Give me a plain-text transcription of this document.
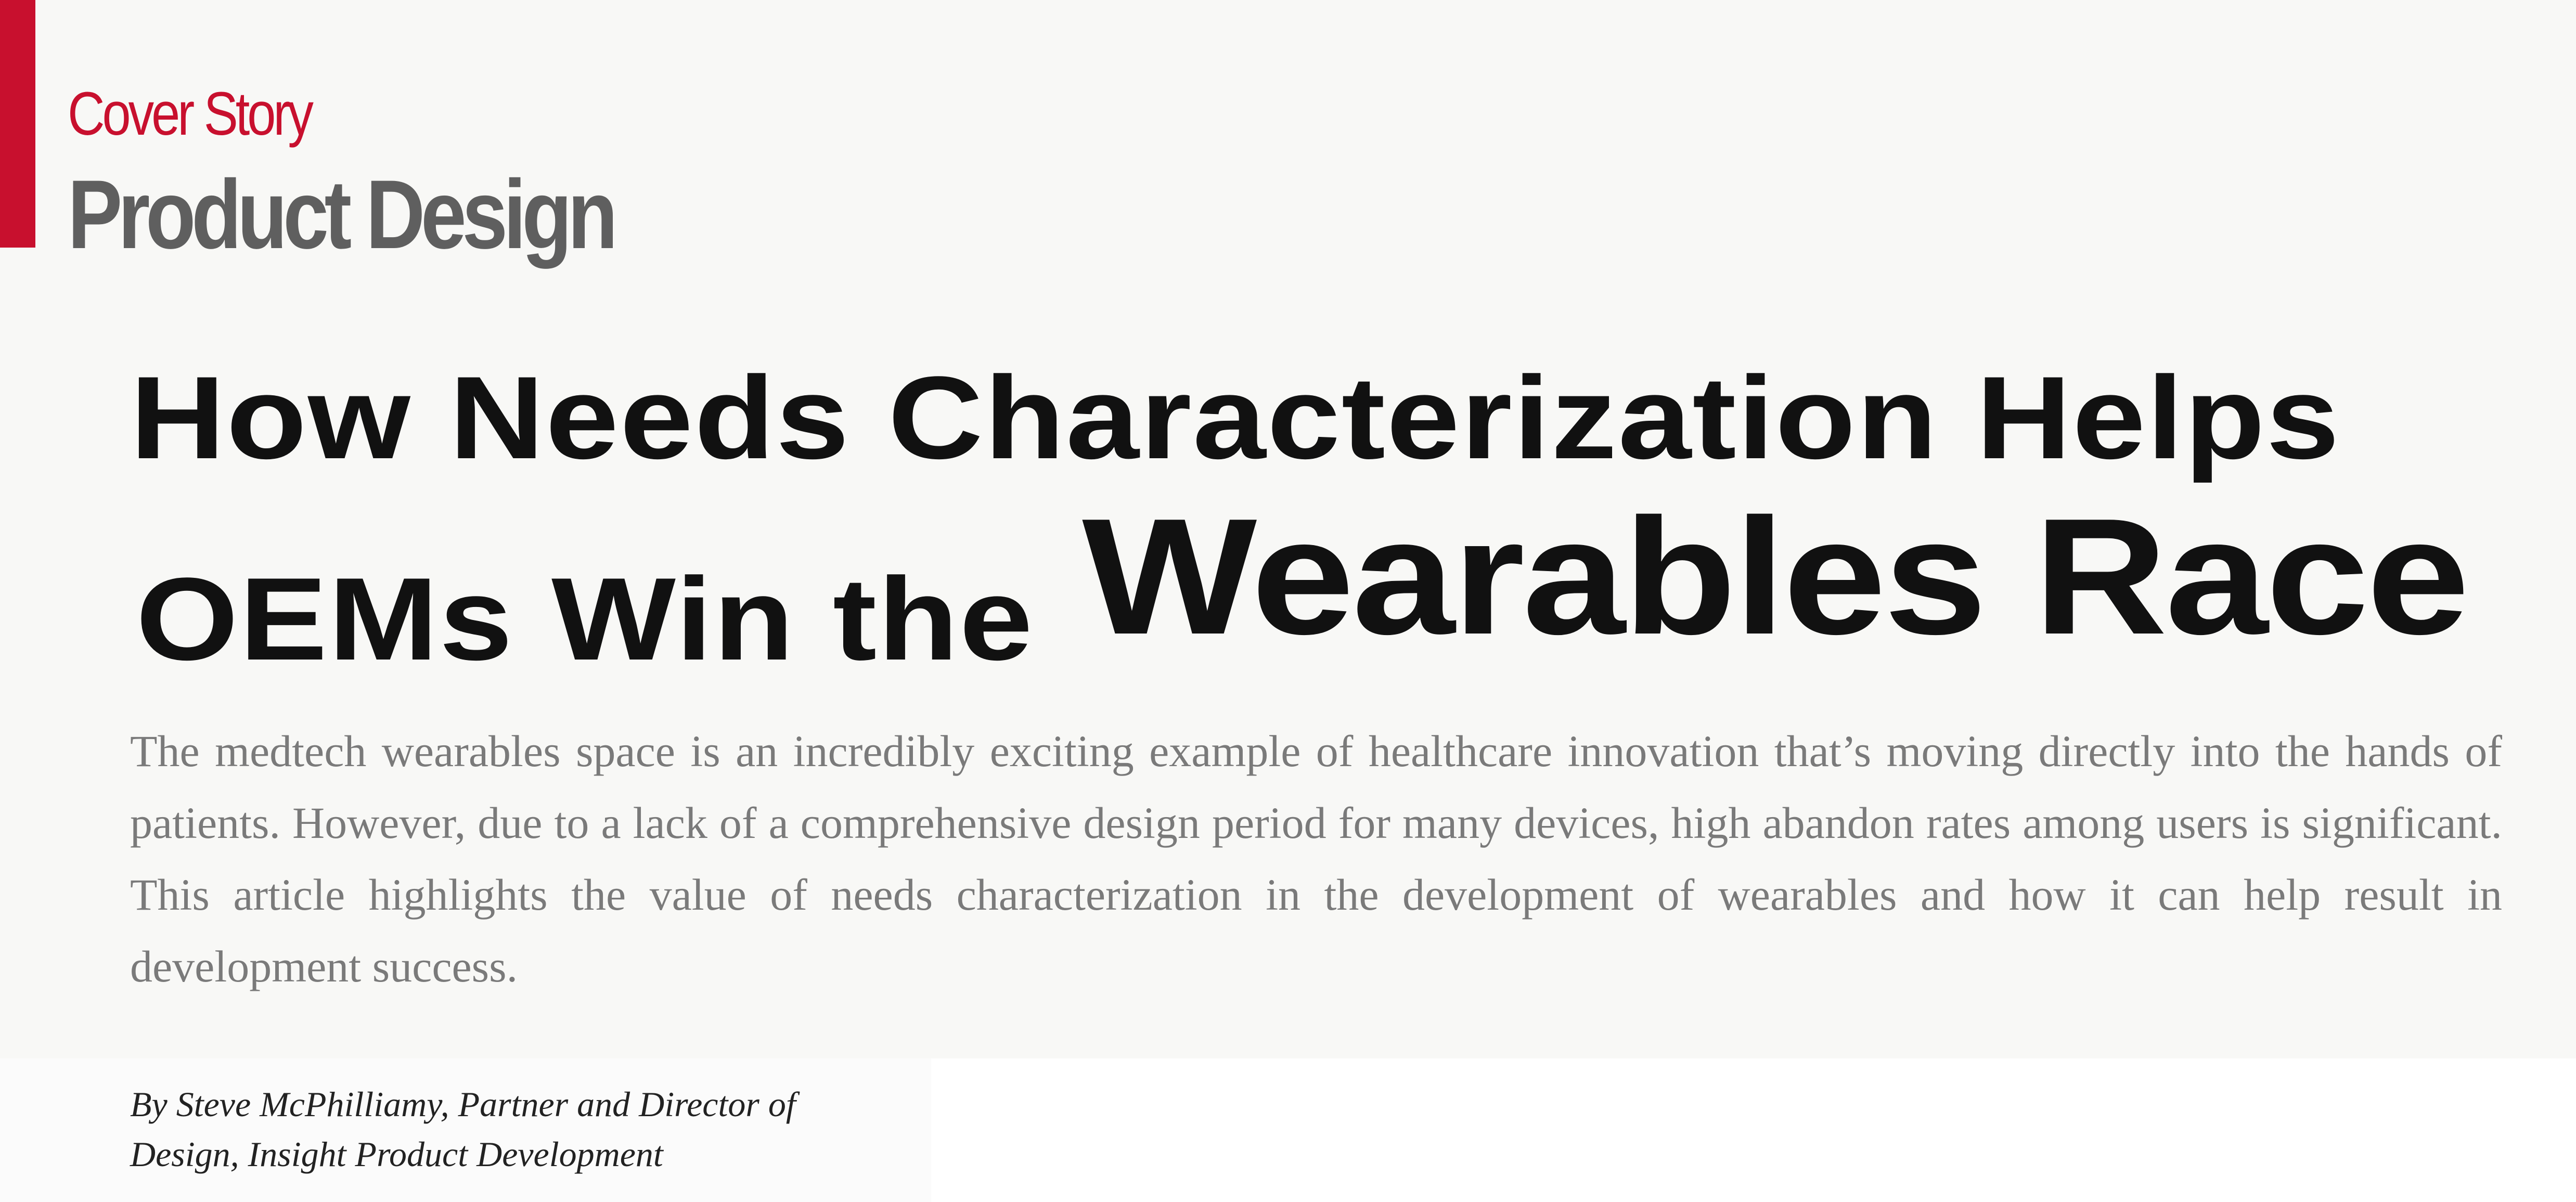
Cover Story
Product Design
How Needs Characterization Helps
OEMs Win the Wearables Race

The medtech wearables space is an incredibly exciting example of healthcare innovation that’s moving directly into the hands of patients. However, due to a lack of a comprehensive design period for many devices, high abandon rates among users is significant. This article highlights the value of needs characterization in the development of wearables and how it can help result in development success.

By Steve McPhilliamy, Partner and Director of
Design, Insight Product Development
